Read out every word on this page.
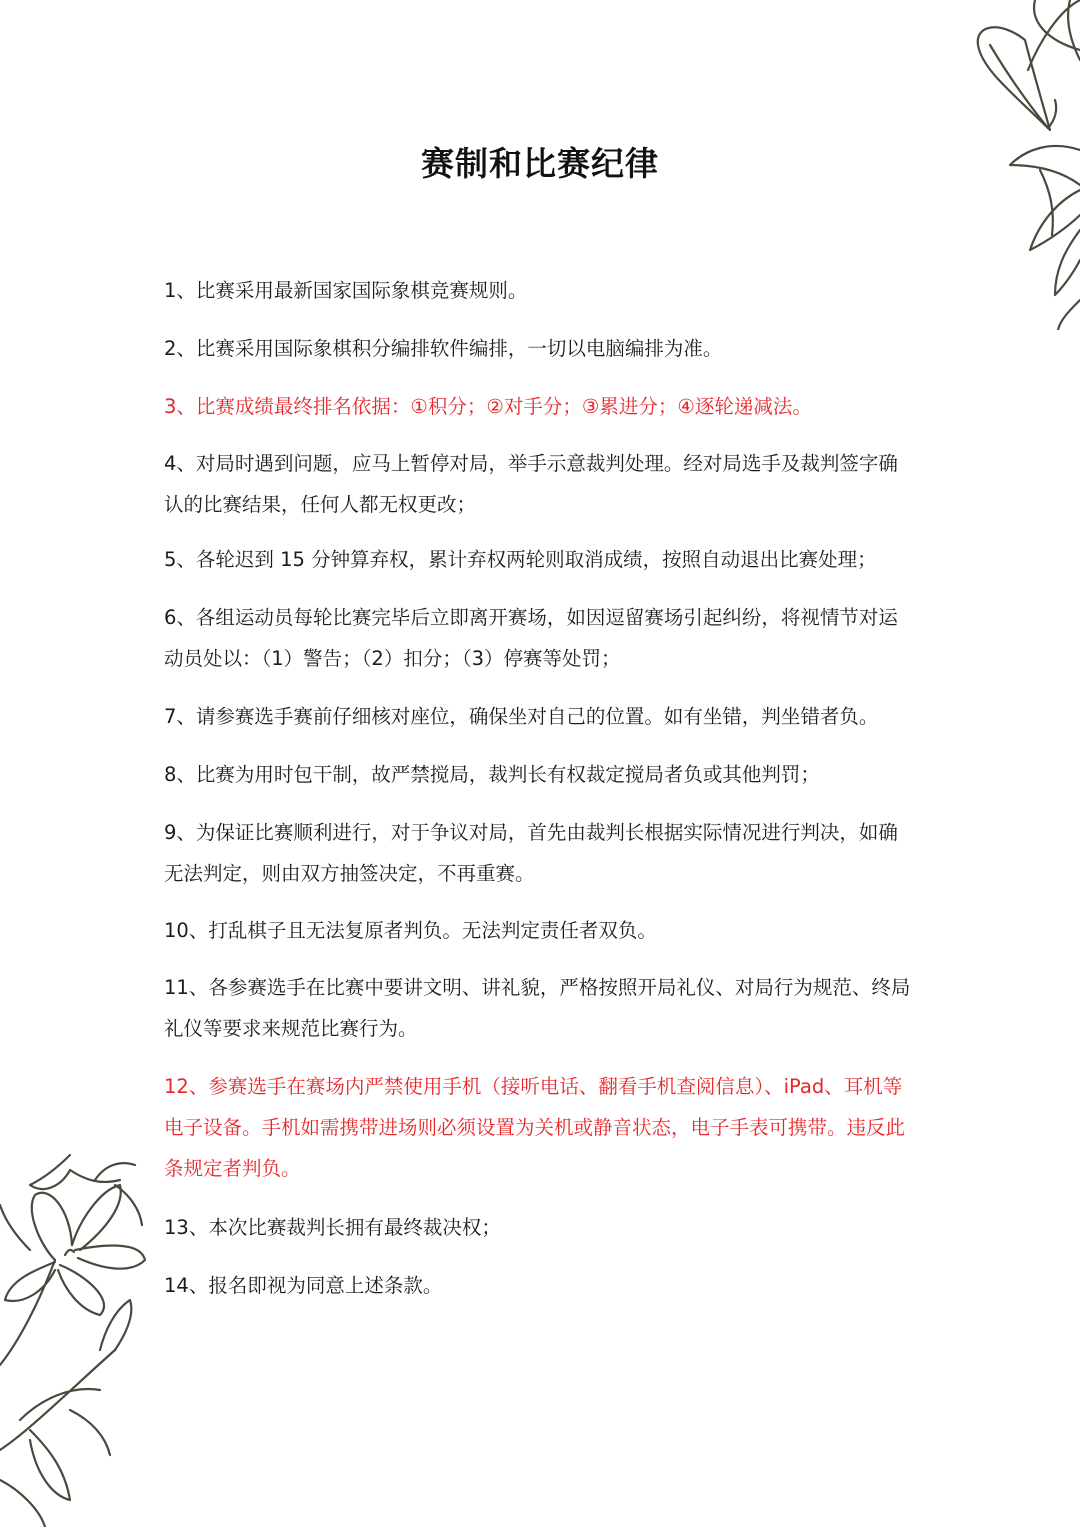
赛制和比赛纪律
1、比赛采用最新国家国际象棋竞赛规则。
2、比赛采用国际象棋积分编排软件编排，一切以电脑编排为准。
3、比赛成绩最终排名依据：①积分；②对手分；③累进分；④逐轮递减法。
4、对局时遇到问题，应马上暂停对局，举手示意裁判处理。经对局选手及裁判签字确
认的比赛结果，任何人都无权更改；
5、各轮迟到 15 分钟算弃权，累计弃权两轮则取消成绩，按照自动退出比赛处理；
6、各组运动员每轮比赛完毕后立即离开赛场，如因逗留赛场引起纠纷，将视情节对运
动员处以：（1）警告；（2）扣分；（3）停赛等处罚；
7、请参赛选手赛前仔细核对座位，确保坐对自己的位置。如有坐错，判坐错者负。
8、比赛为用时包干制，故严禁搅局，裁判长有权裁定搅局者负或其他判罚；
9、为保证比赛顺利进行，对于争议对局，首先由裁判长根据实际情况进行判决，如确
无法判定，则由双方抽签决定，不再重赛。
10、打乱棋子且无法复原者判负。无法判定责任者双负。
11、各参赛选手在比赛中要讲文明、讲礼貌，严格按照开局礼仪、对局行为规范、终局
礼仪等要求来规范比赛行为。
12、参赛选手在赛场内严禁使用手机（接听电话、翻看手机查阅信息）、iPad、耳机等
电子设备。手机如需携带进场则必须设置为关机或静音状态，电子手表可携带。违反此
条规定者判负。
13、本次比赛裁判长拥有最终裁决权；
14、报名即视为同意上述条款。
